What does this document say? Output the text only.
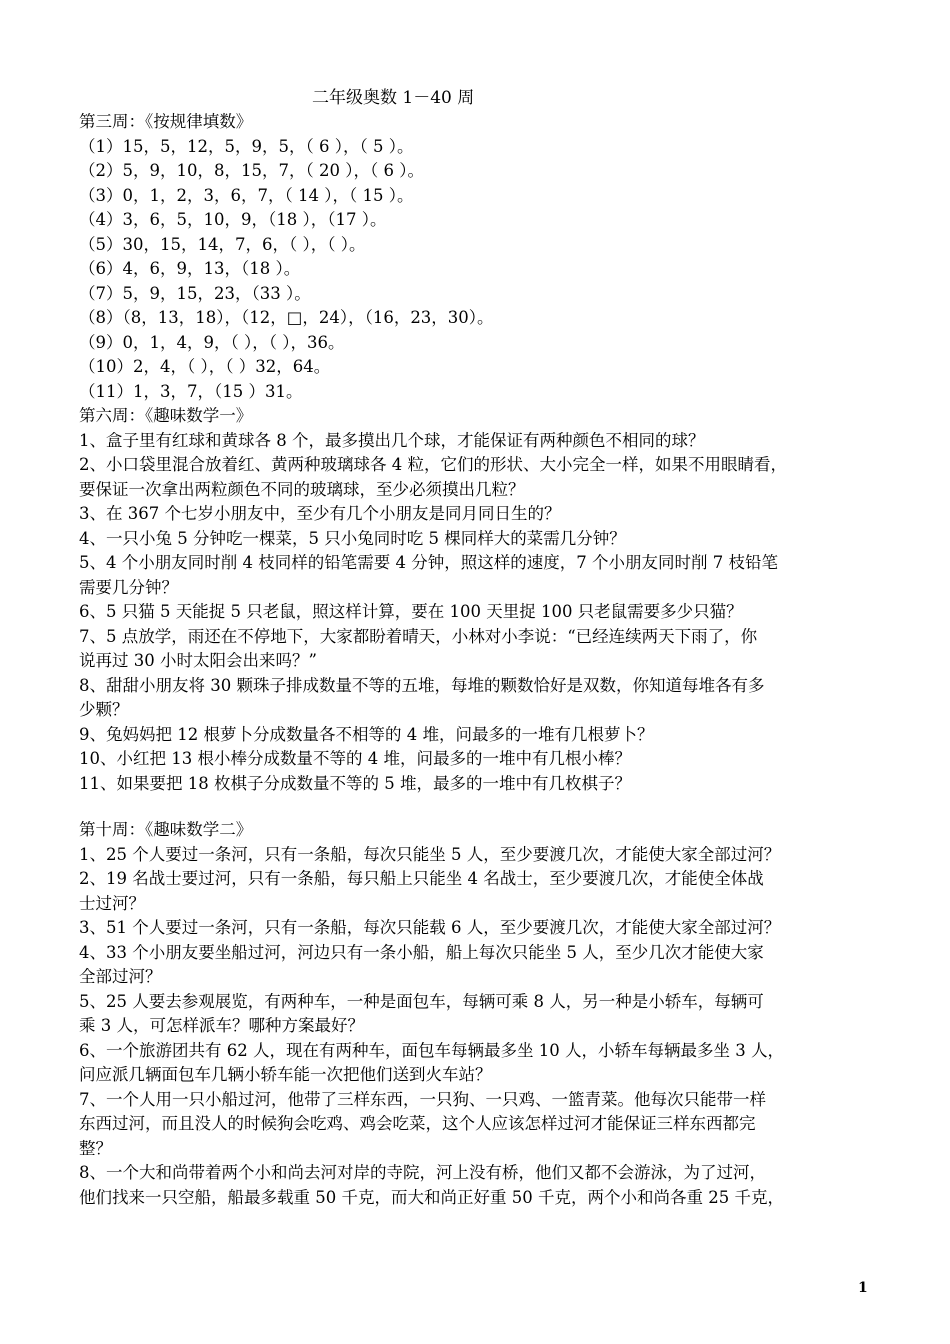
二年级奥数 1－40 周
第三周：《按规律填数》
（1）15，5，12，5，9，5，（ 6 ），（ 5 ）。
（2）5，9，10，8，15，7，（ 20 ），（ 6 ）。
（3）0，1，2，3，6，7，（ 14 ），（ 15 ）。
（4）3，6，5，10，9，（18 ），（17 ）。
（5）30，15，14，7，6，（ ），（ ）。
（6）4，6，9，13，（18 ）。
（7）5，9，15，23，（33 ）。
（8）（8，13，18），（12，□，24），（16，23，30）。
（9）0，1，4，9，（ ），（ ），36。
（10）2，4，（ ），（ ）32，64。
（11）1，3，7，（15 ）31。
第六周：《趣味数学一》
1、盒子里有红球和黄球各 8 个，最多摸出几个球，才能保证有两种颜色不相同的球？
2、小口袋里混合放着红、黄两种玻璃球各 4 粒，它们的形状、大小完全一样，如果不用眼睛看，
要保证一次拿出两粒颜色不同的玻璃球，至少必须摸出几粒？
3、在 367 个七岁小朋友中，至少有几个小朋友是同月同日生的？
4、一只小兔 5 分钟吃一棵菜，5 只小兔同时吃 5 棵同样大的菜需几分钟？
5、4 个小朋友同时削 4 枝同样的铅笔需要 4 分钟，照这样的速度，7 个小朋友同时削 7 枝铅笔
需要几分钟？
6、5 只猫 5 天能捉 5 只老鼠，照这样计算，要在 100 天里捉 100 只老鼠需要多少只猫？
7、5 点放学，雨还在不停地下，大家都盼着晴天，小林对小李说：“已经连续两天下雨了，你
说再过 30 小时太阳会出来吗？”
8、甜甜小朋友将 30 颗珠子排成数量不等的五堆，每堆的颗数恰好是双数，你知道每堆各有多
少颗？
9、兔妈妈把 12 根萝卜分成数量各不相等的 4 堆，问最多的一堆有几根萝卜？
10、小红把 13 根小棒分成数量不等的 4 堆，问最多的一堆中有几根小棒？
11、如果要把 18 枚棋子分成数量不等的 5 堆，最多的一堆中有几枚棋子？
第十周：《趣味数学二》
1、25 个人要过一条河，只有一条船，每次只能坐 5 人，至少要渡几次，才能使大家全部过河？
2、19 名战士要过河，只有一条船，每只船上只能坐 4 名战士，至少要渡几次，才能使全体战
士过河？
3、51 个人要过一条河，只有一条船，每次只能载 6 人，至少要渡几次，才能使大家全部过河？
4、33 个小朋友要坐船过河，河边只有一条小船，船上每次只能坐 5 人，至少几次才能使大家
全部过河？
5、25 人要去参观展览，有两种车，一种是面包车，每辆可乘 8 人，另一种是小轿车，每辆可
乘 3 人，可怎样派车？哪种方案最好？
6、一个旅游团共有 62 人，现在有两种车，面包车每辆最多坐 10 人，小轿车每辆最多坐 3 人，
问应派几辆面包车几辆小轿车能一次把他们送到火车站？
7、一个人用一只小船过河，他带了三样东西，一只狗、一只鸡、一篮青菜。他每次只能带一样
东西过河，而且没人的时候狗会吃鸡、鸡会吃菜，这个人应该怎样过河才能保证三样东西都完
整？
8、一个大和尚带着两个小和尚去河对岸的寺院，河上没有桥，他们又都不会游泳，为了过河，
他们找来一只空船，船最多载重 50 千克，而大和尚正好重 50 千克，两个小和尚各重 25 千克，
1
